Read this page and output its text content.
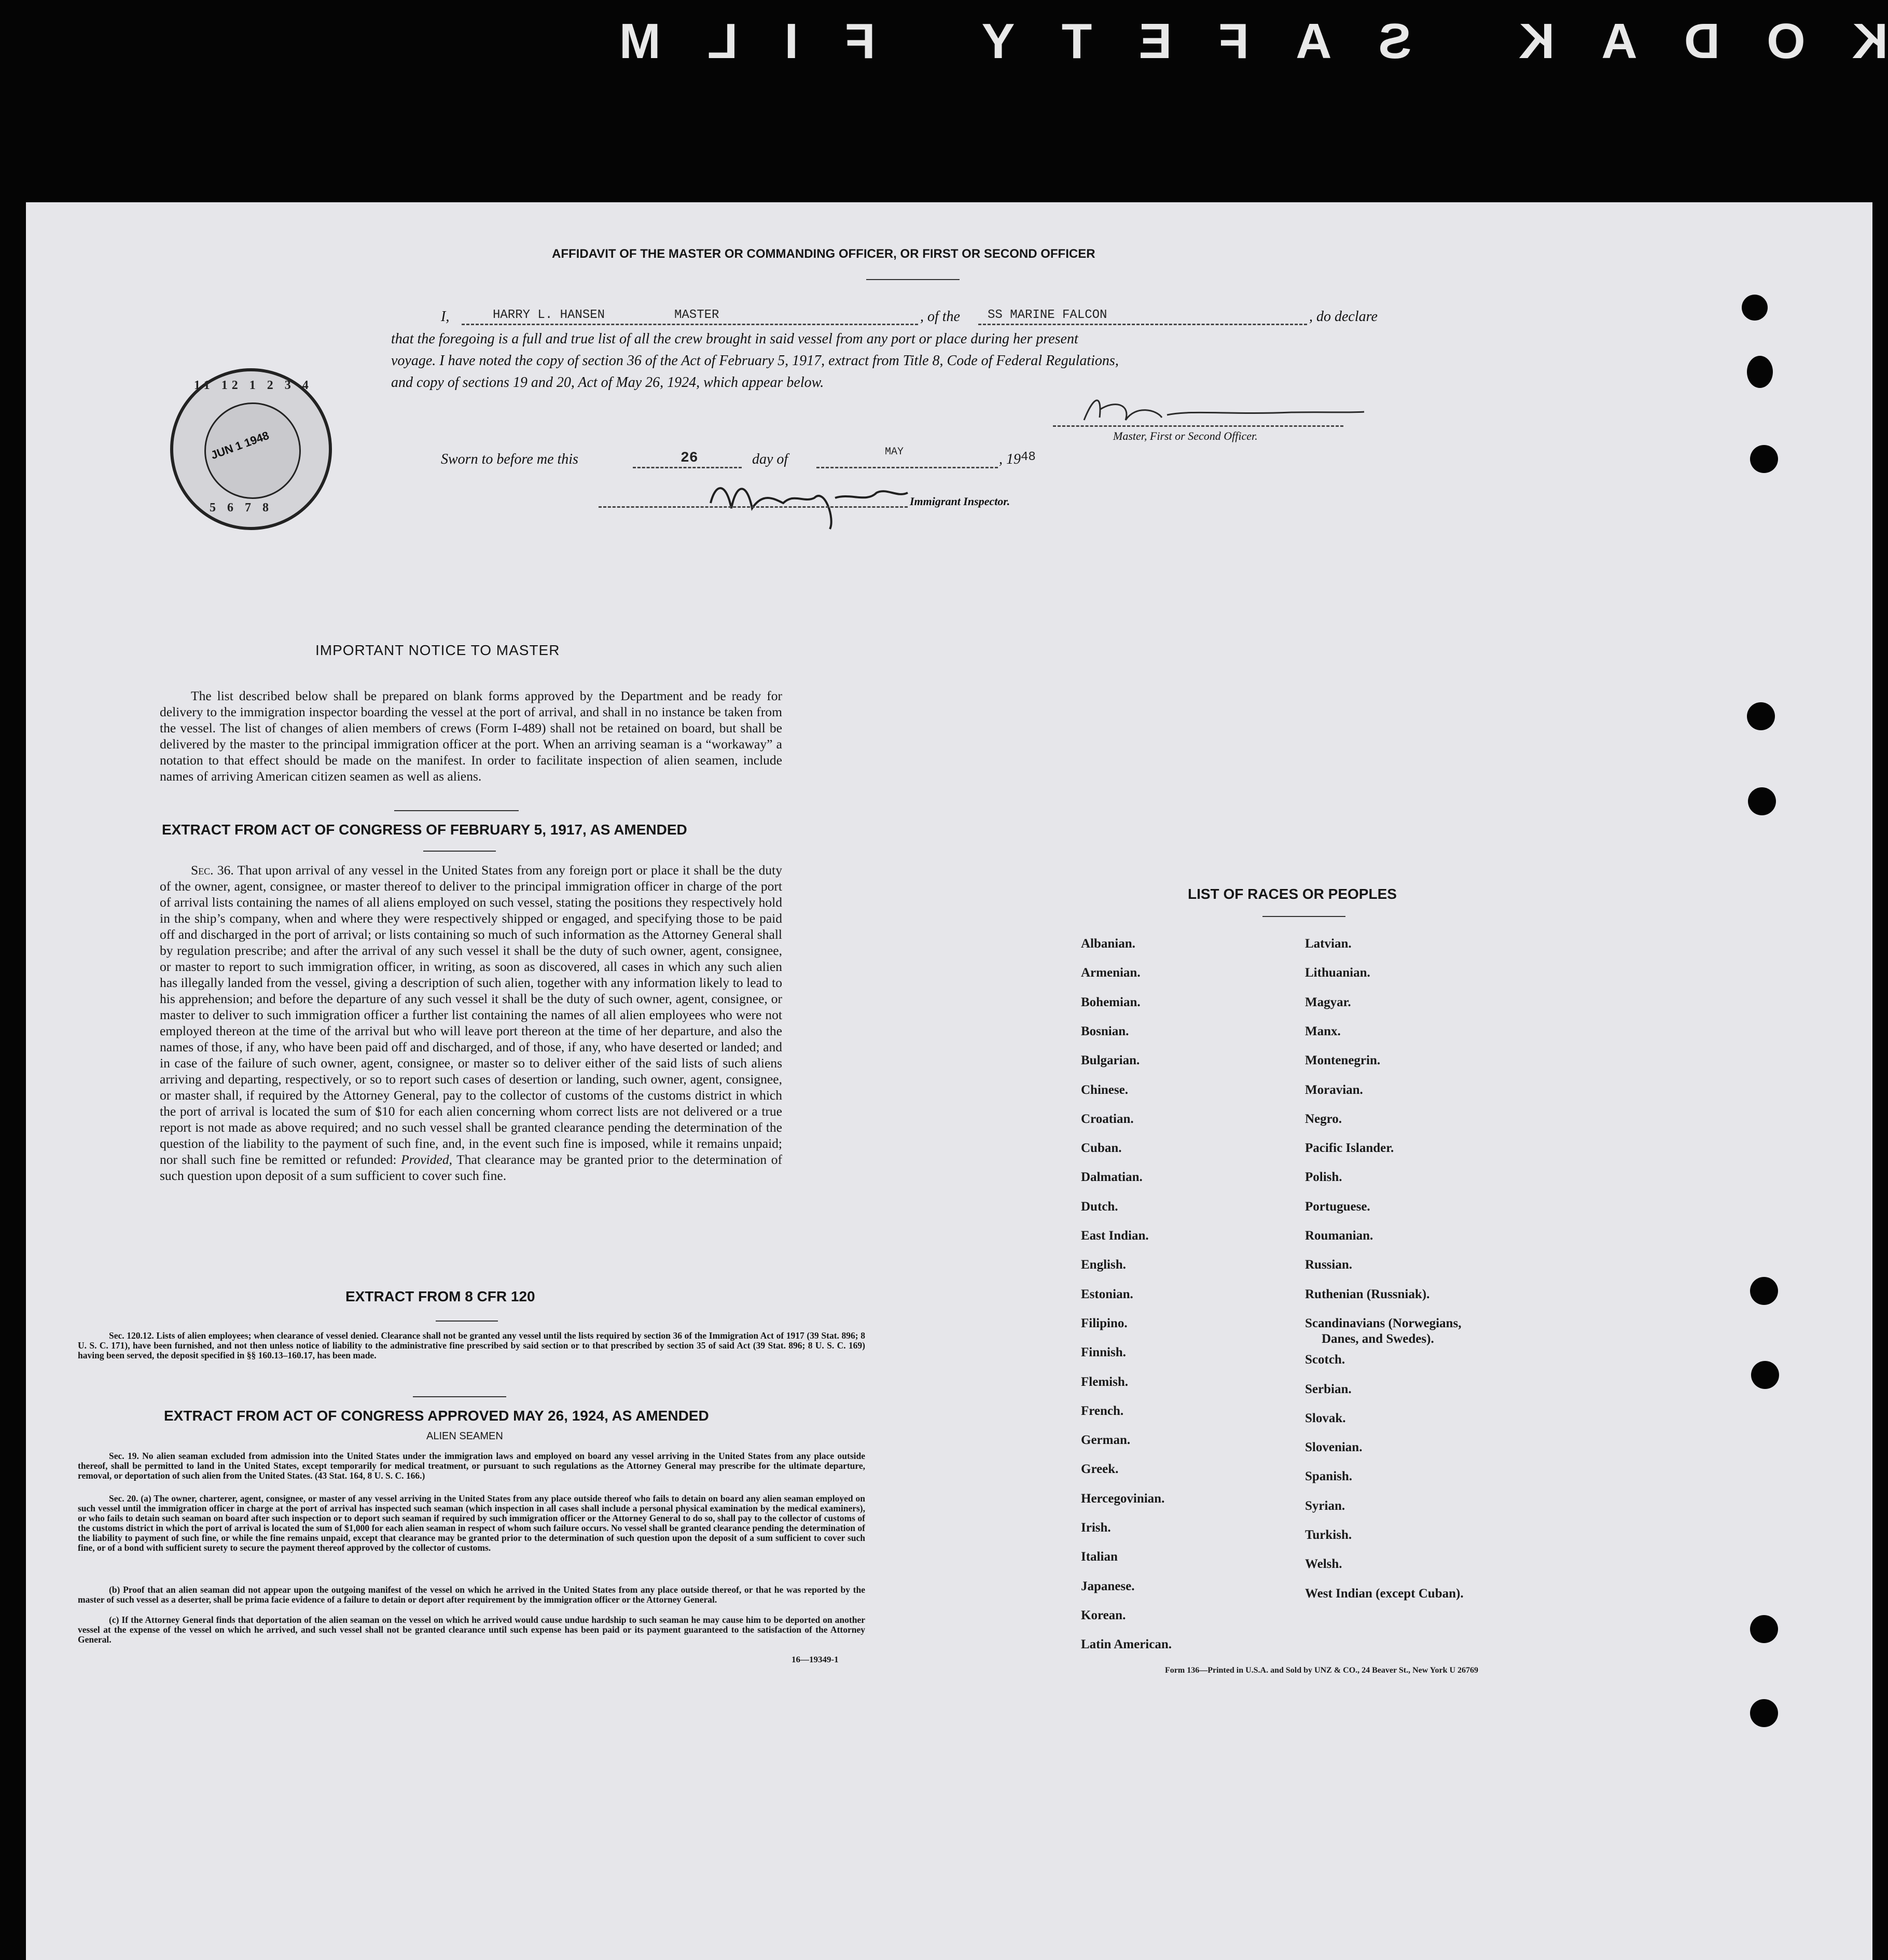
KODAK SAFETY FILM
AFFIDAVIT OF THE MASTER OR COMMANDING OFFICER, OR FIRST OR SECOND OFFICER
I,	HARRY L. HANSEN	MASTER	, of the SS MARINE FALCON	, do declare
that the foregoing is a full and true list of all the crew brought in said vessel from any port or place during her present
voyage. I have noted the copy of section 36 of the Act of February 5, 1917, extract from Title 8, Code of Federal Regulations,
and copy of sections 19 and 20, Act of May 26, 1924, which appear below.
Master, First or Second Officer.
Sworn to before me this	26	day of	MAY	, 19 48
Immigrant Inspector.
11 12 1 2 3 4
5 6 7 8
JUN 1 1948
IMPORTANT NOTICE TO MASTER
The list described below shall be prepared on blank forms approved by the Department and be ready for delivery to the immigration inspector boarding the vessel at the port of arrival, and shall in no instance be taken from the vessel. The list of changes of alien members of crews (Form I-489) shall not be retained on board, but shall be delivered by the master to the principal immigration officer at the port. When an arriving seaman is a “workaway” a notation to that effect should be made on the manifest. In order to facilitate inspection of alien seamen, include names of arriving American citizen seamen as well as aliens.
EXTRACT FROM ACT OF CONGRESS OF FEBRUARY 5, 1917, AS AMENDED
Sec. 36. That upon arrival of any vessel in the United States from any foreign port or place it shall be the duty of the owner, agent, consignee, or master thereof to deliver to the principal immigration officer in charge of the port of arrival lists containing the names of all aliens employed on such vessel, stating the positions they respectively hold in the ship’s company, when and where they were respectively shipped or engaged, and specifying those to be paid off and discharged in the port of arrival; or lists containing so much of such information as the Attorney General shall by regulation prescribe; and after the arrival of any such vessel it shall be the duty of such owner, agent, consignee, or master to report to such immigration officer, in writing, as soon as discovered, all cases in which any such alien has illegally landed from the vessel, giving a description of such alien, together with any information likely to lead to his apprehension; and before the departure of any such vessel it shall be the duty of such owner, agent, consignee, or master to deliver to such immigration officer a further list containing the names of all alien employees who were not employed thereon at the time of the arrival but who will leave port thereon at the time of her departure, and also the names of those, if any, who have been paid off and discharged, and of those, if any, who have deserted or landed; and in case of the failure of such owner, agent, consignee, or master so to deliver either of the said lists of such aliens arriving and departing, respectively, or so to report such cases of desertion or landing, such owner, agent, consignee, or master shall, if required by the Attorney General, pay to the collector of customs of the customs district in which the port of arrival is located the sum of $10 for each alien concerning whom correct lists are not delivered or a true report is not made as above required; and no such vessel shall be granted clearance pending the determination of the question of the liability to the payment of such fine, and, in the event such fine is imposed, while it remains unpaid; nor shall such fine be remitted or refunded: Provided, That clearance may be granted prior to the determination of such question upon deposit of a sum sufficient to cover such fine.
EXTRACT FROM 8 CFR 120
Sec. 120.12. Lists of alien employees; when clearance of vessel denied. Clearance shall not be granted any vessel until the lists required by section 36 of the Immigration Act of 1917 (39 Stat. 896; 8 U. S. C. 171), have been furnished, and not then unless notice of liability to the administrative fine prescribed by said section or to that prescribed by section 35 of said Act (39 Stat. 896; 8 U. S. C. 169) having been served, the deposit specified in §§ 160.13–160.17, has been made.
EXTRACT FROM ACT OF CONGRESS APPROVED MAY 26, 1924, AS AMENDED
ALIEN SEAMEN
Sec. 19. No alien seaman excluded from admission into the United States under the immigration laws and employed on board any vessel arriving in the United States from any place outside thereof, shall be permitted to land in the United States, except temporarily for medical treatment, or pursuant to such regulations as the Attorney General may prescribe for the ultimate departure, removal, or deportation of such alien from the United States. (43 Stat. 164, 8 U. S. C. 166.)
Sec. 20. (a) The owner, charterer, agent, consignee, or master of any vessel arriving in the United States from any place outside thereof who fails to detain on board any alien seaman employed on such vessel until the immigration officer in charge at the port of arrival has inspected such seaman (which inspection in all cases shall include a personal physical examination by the medical examiners), or who fails to detain such seaman on board after such inspection or to deport such seaman if required by such immigration officer or the Attorney General to do so, shall pay to the collector of customs of the customs district in which the port of arrival is located the sum of $1,000 for each alien seaman in respect of whom such failure occurs. No vessel shall be granted clearance pending the determination of the liability to payment of such fine, or while the fine remains unpaid, except that clearance may be granted prior to the determination of such question upon the deposit of a sum sufficient to cover such fine, or of a bond with sufficient surety to secure the payment thereof approved by the collector of customs.
(b) Proof that an alien seaman did not appear upon the outgoing manifest of the vessel on which he arrived in the United States from any place outside thereof, or that he was reported by the master of such vessel as a deserter, shall be prima facie evidence of a failure to detain or deport after requirement by the immigration officer or the Attorney General.
(c) If the Attorney General finds that deportation of the alien seaman on the vessel on which he arrived would cause undue hardship to such seaman he may cause him to be deported on another vessel at the expense of the vessel on which he arrived, and such vessel shall not be granted clearance until such expense has been paid or its payment guaranteed to the satisfaction of the Attorney General.
16—19349-1
LIST OF RACES OR PEOPLES
Form 136—Printed in U.S.A. and Sold by UNZ & CO., 24 Beaver St., New York U 26769
Albanian.
Armenian.
Bohemian.
Bosnian.
Bulgarian.
Chinese.
Croatian.
Cuban.
Dalmatian.
Dutch.
East Indian.
English.
Estonian.
Filipino.
Finnish.
Flemish.
French.
German.
Greek.
Hercegovinian.
Irish.
Italian
Japanese.
Korean.
Latin American.
Latvian.
Lithuanian.
Magyar.
Manx.
Montenegrin.
Moravian.
Negro.
Pacific Islander.
Polish.
Portuguese.
Roumanian.
Russian.
Ruthenian (Russniak).
Scandinavians (Norwegians,
Danes, and Swedes).
Scotch.
Serbian.
Slovak.
Slovenian.
Spanish.
Syrian.
Turkish.
Welsh.
West Indian (except Cuban).
